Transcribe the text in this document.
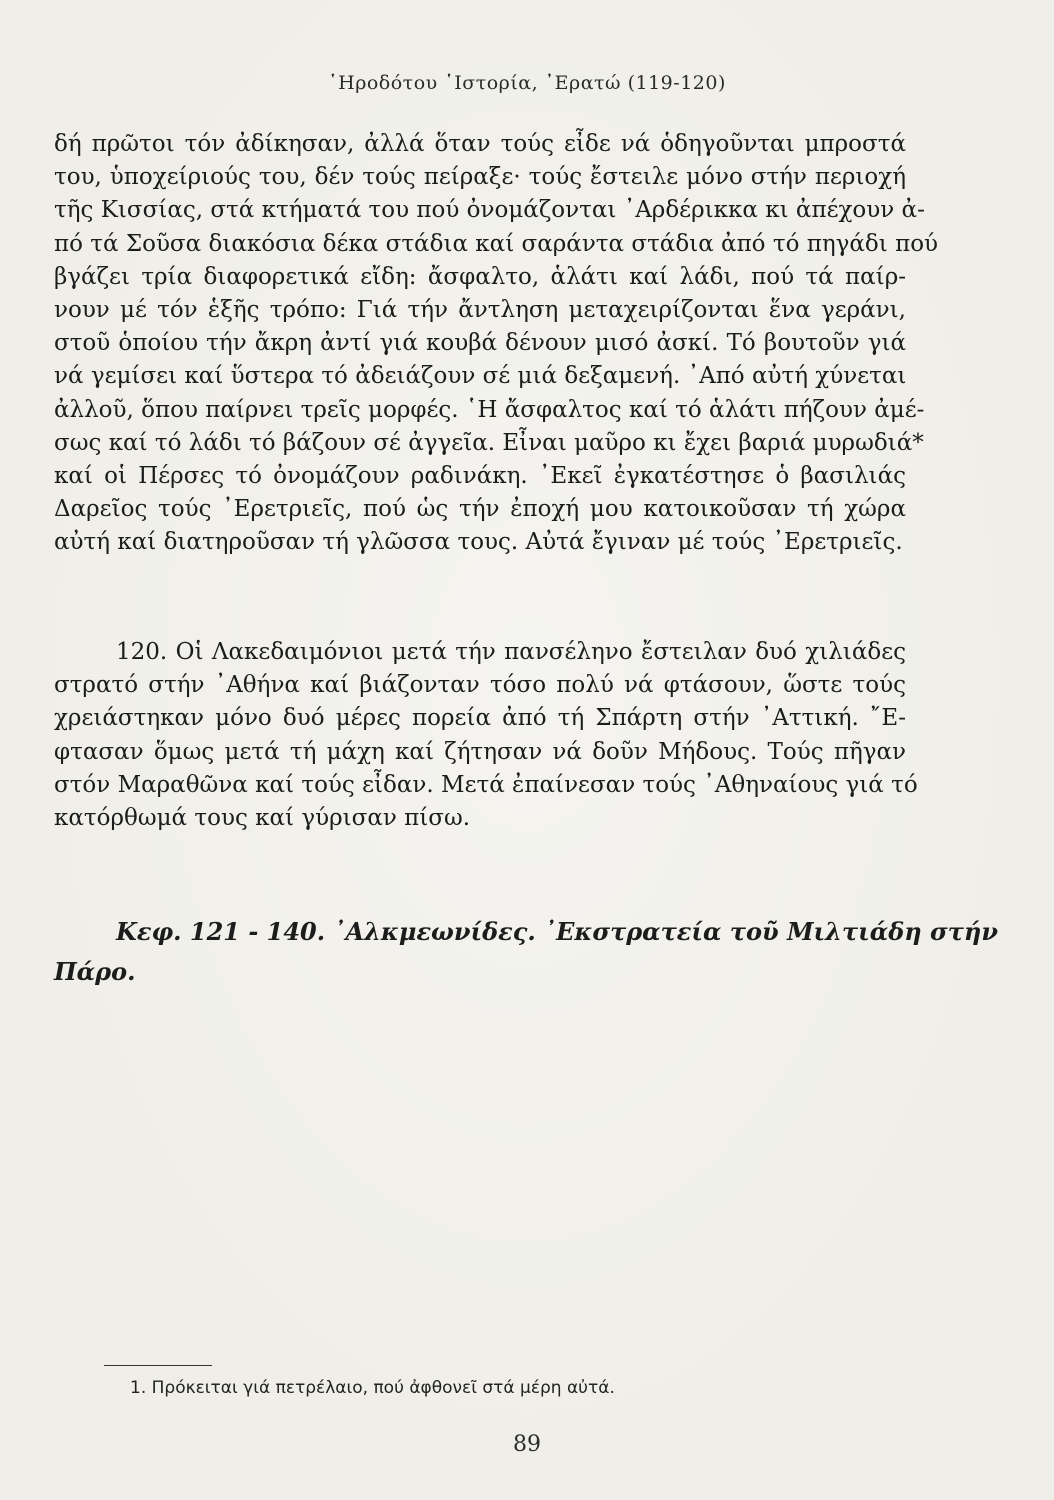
῾Ηροδότου ῾Ιστορία, ᾿Ερατώ (119-120)

δή πρῶτοι τόν ἀδίκησαν, ἀλλά ὅταν τούς εἶδε νά ὁδηγοῦνται μπροστά
του, ὑποχείριούς του, δέν τούς πείραξε· τούς ἔστειλε μόνο στήν περιοχή
τῆς Κισσίας, στά κτήματά του πού ὀνομάζονται ᾿Αρδέρικκα κι ἀπέχουν ἀ-
πό τά Σοῦσα διακόσια δέκα στάδια καί σαράντα στάδια ἀπό τό πηγάδι πού
βγάζει τρία διαφορετικά εἴδη: ἄσφαλτο, ἁλάτι καί λάδι, πού τά παίρ-
νουν μέ τόν ἑξῆς τρόπο: Γιά τήν ἄντληση μεταχειρίζονται ἕνα γεράνι,
στοῦ ὁποίου τήν ἄκρη ἀντί γιά κουβά δένουν μισό ἀσκί. Τό βουτοῦν γιά
νά γεμίσει καί ὕστερα τό ἀδειάζουν σέ μιά δεξαμενή. ᾿Από αὐτή χύνεται
ἀλλοῦ, ὅπου παίρνει τρεῖς μορφές. ῾Η ἄσφαλτος καί τό ἁλάτι πήζουν ἀμέ-
σως καί τό λάδι τό βάζουν σέ ἀγγεῖα. Εἶναι μαῦρο κι ἔχει βαριά μυρωδιά*
καί οἱ Πέρσες τό ὀνομάζουν ραδινάκη. ᾿Εκεῖ ἐγκατέστησε ὁ βασιλιάς
Δαρεῖος τούς ᾿Ερετριεῖς, πού ὡς τήν ἐποχή μου κατοικοῦσαν τή χώρα
αὐτή καί διατηροῦσαν τή γλῶσσα τους. Αὐτά ἔγιναν μέ τούς ᾿Ερετριεῖς.

120. Οἱ Λακεδαιμόνιοι μετά τήν πανσέληνο ἔστειλαν δυό χιλιάδες
στρατό στήν ᾿Αθήνα καί βιάζονταν τόσο πολύ νά φτάσουν, ὥστε τούς
χρειάστηκαν μόνο δυό μέρες πορεία ἀπό τή Σπάρτη στήν ᾿Αττική. ῎Ε-
φτασαν ὅμως μετά τή μάχη καί ζήτησαν νά δοῦν Μήδους. Τούς πῆγαν
στόν Μαραθῶνα καί τούς εἶδαν. Μετά ἐπαίνεσαν τούς ᾿Αθηναίους γιά τό
κατόρθωμά τους καί γύρισαν πίσω.

Κεφ. 121 - 140. ᾿Αλκμεωνίδες. ᾿Εκστρατεία τοῦ Μιλτιάδη στήν
Πάρο.
1. Πρόκειται γιά πετρέλαιο, πού ἀφθονεῖ στά μέρη αὐτά.
89
